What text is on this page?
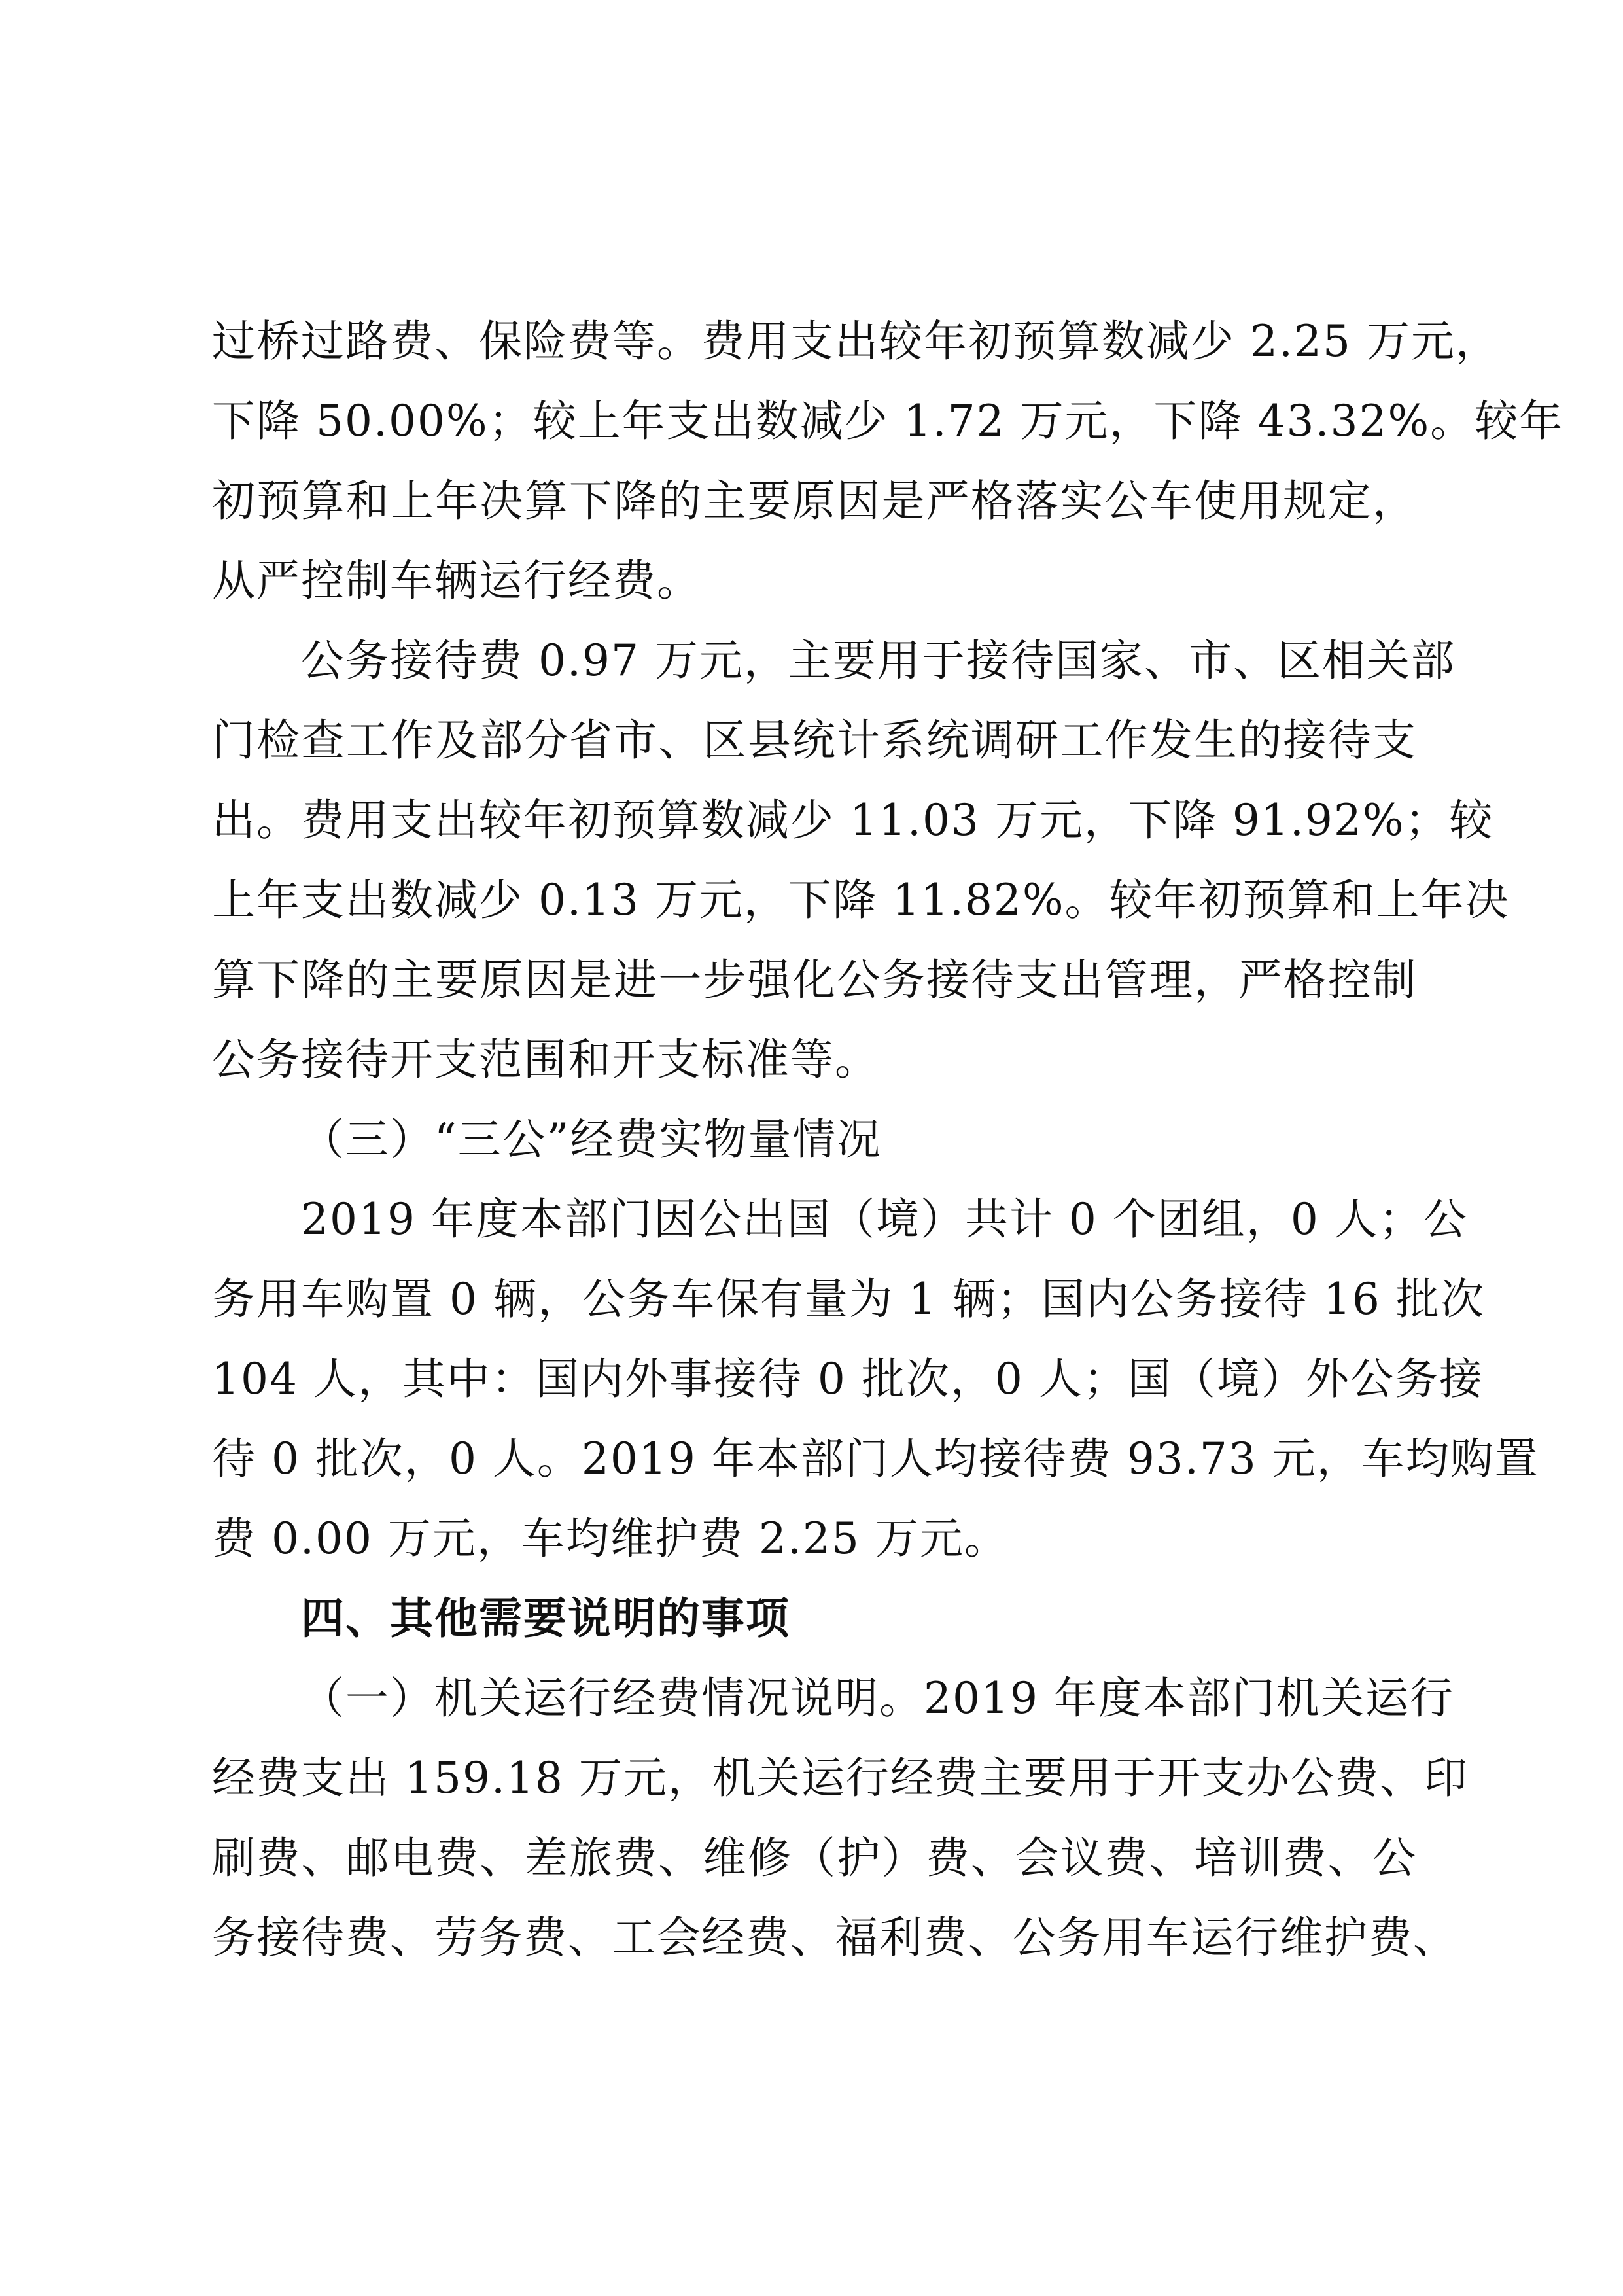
过桥过路费、保险费等。费用支出较年初预算数减少 2.25 万元，
下降 50.00%；较上年支出数减少 1.72 万元，下降 43.32%。较年
初预算和上年决算下降的主要原因是严格落实公车使用规定，
从严控制车辆运行经费。
公务接待费 0.97 万元，主要用于接待国家、市、区相关部
门检查工作及部分省市、区县统计系统调研工作发生的接待支
出。费用支出较年初预算数减少 11.03 万元，下降 91.92%；较
上年支出数减少 0.13 万元，下降 11.82%。较年初预算和上年决
算下降的主要原因是进一步强化公务接待支出管理，严格控制
公务接待开支范围和开支标准等。
（三）“三公”经费实物量情况
2019 年度本部门因公出国（境）共计 0 个团组，0 人；公
务用车购置 0 辆，公务车保有量为 1 辆；国内公务接待 16 批次
104 人，其中：国内外事接待 0 批次，0 人；国（境）外公务接
待 0 批次，0 人。2019 年本部门人均接待费 93.73 元，车均购置
费 0.00 万元，车均维护费 2.25 万元。
四、其他需要说明的事项
（一）机关运行经费情况说明。2019 年度本部门机关运行
经费支出 159.18 万元，机关运行经费主要用于开支办公费、印
刷费、邮电费、差旅费、维修（护）费、会议费、培训费、公
务接待费、劳务费、工会经费、福利费、公务用车运行维护费、
